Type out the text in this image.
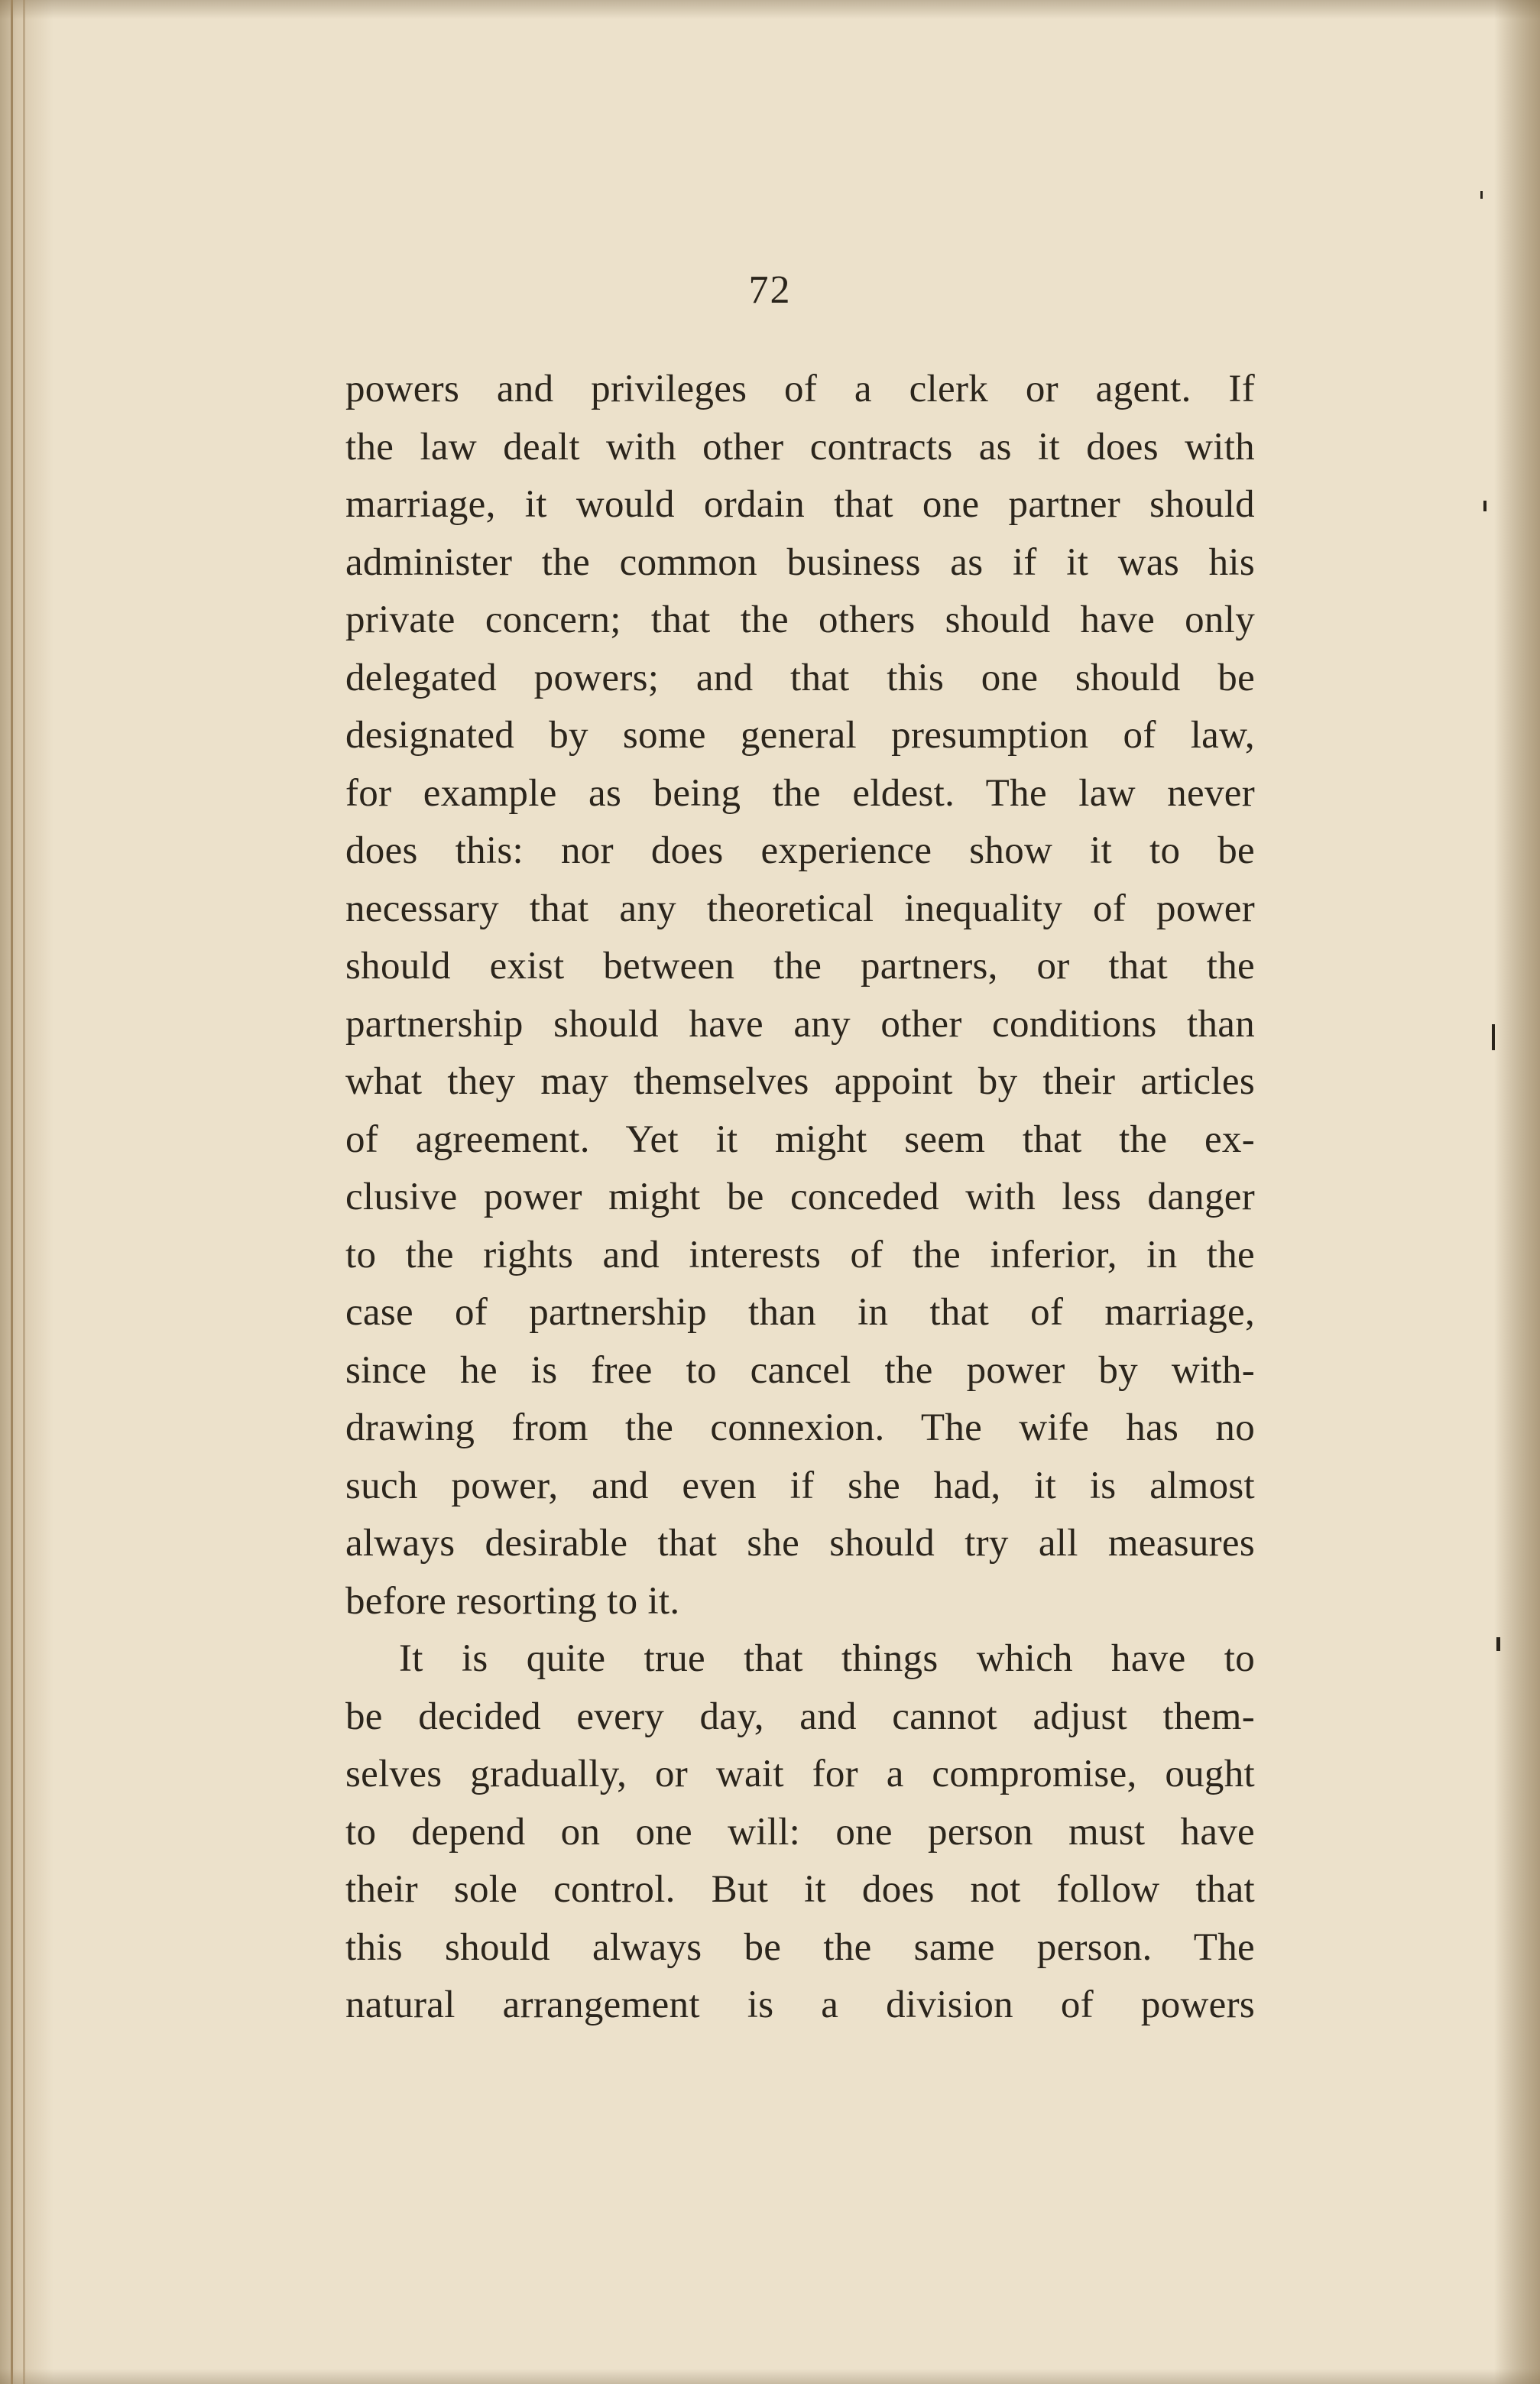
72
powers and privileges of a clerk or agent. If
the law dealt with other contracts as it does with
marriage, it would ordain that one partner should
administer the common business as if it was his
private concern; that the others should have only
delegated powers; and that this one should be
designated by some general presumption of law,
for example as being the eldest. The law never
does this: nor does experience show it to be
necessary that any theoretical inequality of power
should exist between the partners, or that the
partnership should have any other conditions than
what they may themselves appoint by their articles
of agreement. Yet it might seem that the ex-
clusive power might be conceded with less danger
to the rights and interests of the inferior, in the
case of partnership than in that of marriage,
since he is free to cancel the power by with-
drawing from the connexion. The wife has no
such power, and even if she had, it is almost
always desirable that she should try all measures
before resorting to it.
It is quite true that things which have to
be decided every day, and cannot adjust them-
selves gradually, or wait for a compromise, ought
to depend on one will: one person must have
their sole control. But it does not follow that
this should always be the same person. The
natural arrangement is a division of powers
